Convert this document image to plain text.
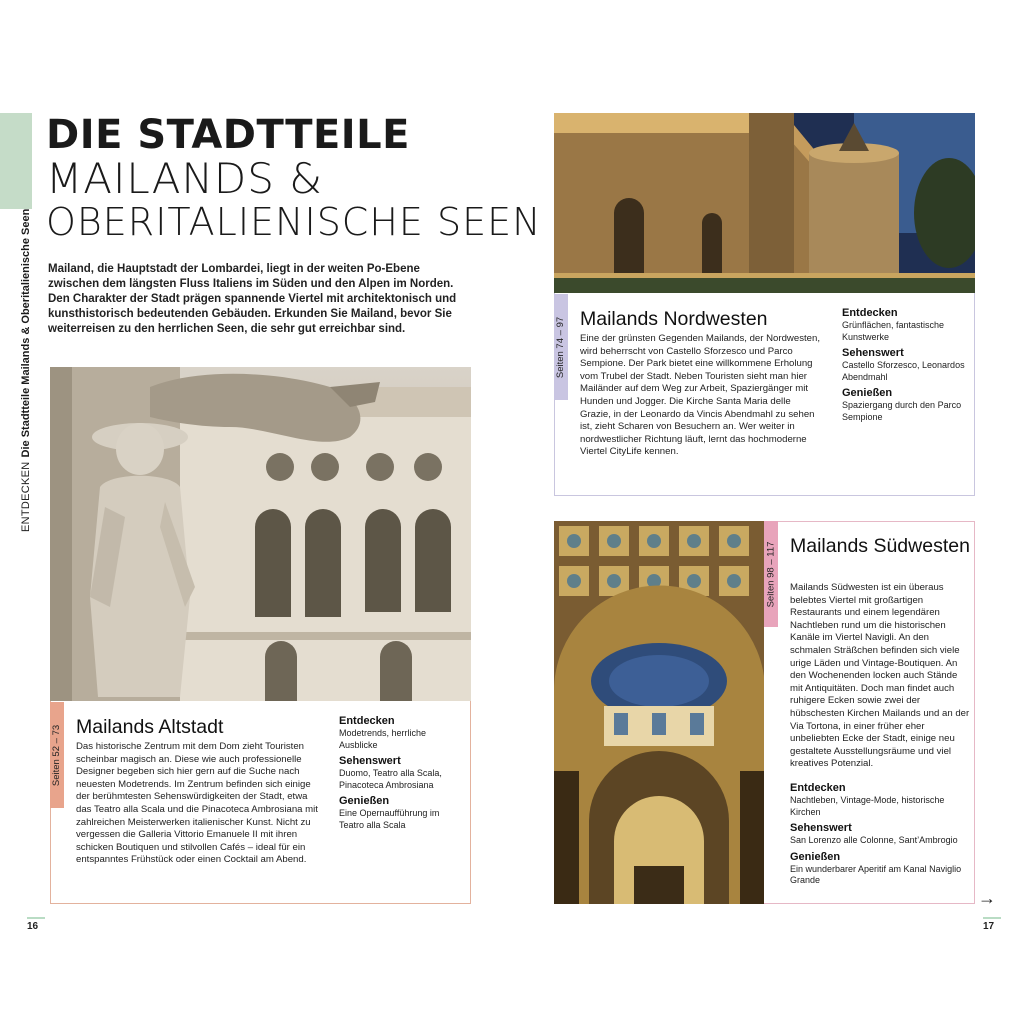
ENTDECKENDie Stadtteile Mailands & Oberitalienische Seen
DIE STADTTEILE
MAILANDS &
OBERITALIENISCHE SEEN

Mailand, die Hauptstadt der Lombardei, liegt in der weiten Po-Ebene zwischen dem längsten Fluss Italiens im Süden und den Alpen im Norden. Den Charakter der Stadt prägen spannende Viertel mit architektonisch und kunsthistorisch bedeutenden Gebäuden. Erkunden Sie Mailand, bevor Sie weiterreisen zu den herrlichen Seen, die sehr gut erreichbar sind.

Seiten 52 – 73 Mailands Altstadt

Das historische Zentrum mit dem Dom zieht Touristen scheinbar magisch an. Diese wie auch professionelle Designer begeben sich hier gern auf die Suche nach neuesten Modetrends. Im Zentrum befinden sich einige der berühmtesten Sehenswürdigkeiten der Stadt, etwa das Teatro alla Scala und die Pinacoteca Ambrosiana mit zahlreichen Meisterwerken italienischer Kunst. Nicht zu vergessen die Galleria Vittorio Emanuele II mit ihren schicken Boutiquen und stilvollen Cafés – ideal für ein entspanntes Frühstück oder einen Cocktail am Abend.

Entdecken
Modetrends, herrliche Ausblicke
Sehenswert
Duomo, Teatro alla Scala, Pinacoteca Ambrosiana
Genießen
Eine Opernaufführung im Teatro alla Scala
Seiten 74 – 97 Mailands Nordwesten

Eine der grünsten Gegenden Mailands, der Nordwesten, wird beherrscht von Castello Sforzesco und Parco Sempione. Der Park bietet eine willkommene Erholung vom Trubel der Stadt. Neben Touristen sieht man hier Mailänder auf dem Weg zur Arbeit, Spaziergänger mit Hunden und Jogger. Die Kirche Santa Maria delle Grazie, in der Leonardo da Vincis Abendmahl zu sehen ist, zieht Scharen von Besuchern an. Wer weiter in nordwestlicher Richtung läuft, lernt das hochmoderne Viertel CityLife kennen.

Entdecken
Grünflächen, fantastische Kunstwerke
Sehenswert
Castello Sforzesco, Leonardos Abendmahl
Genießen
Spaziergang durch den Parco Sempione
Seiten 98 – 117 Mailands Südwesten

Mailands Südwesten ist ein überaus belebtes Viertel mit großartigen Restaurants und einem legendären Nachtleben rund um die historischen Kanäle im Viertel Navigli. An den schmalen Sträßchen befinden sich viele urige Läden und Vintage-Boutiquen. An den Wochenenden locken auch Stände mit Antiquitäten. Doch man findet auch ruhigere Ecken sowie zwei der hübschesten Kirchen Mailands und an der Via Tortona, in einer früher eher unbeliebten Ecke der Stadt, einige neu gestaltete Ausstellungsräume und viel kreatives Potenzial.

Entdecken
Nachtleben, Vintage-Mode, historische Kirchen
Sehenswert
San Lorenzo alle Colonne, Sant’Ambrogio
Genießen
Ein wunderbarer Aperitif am Kanal Naviglio Grande
16	17
→
